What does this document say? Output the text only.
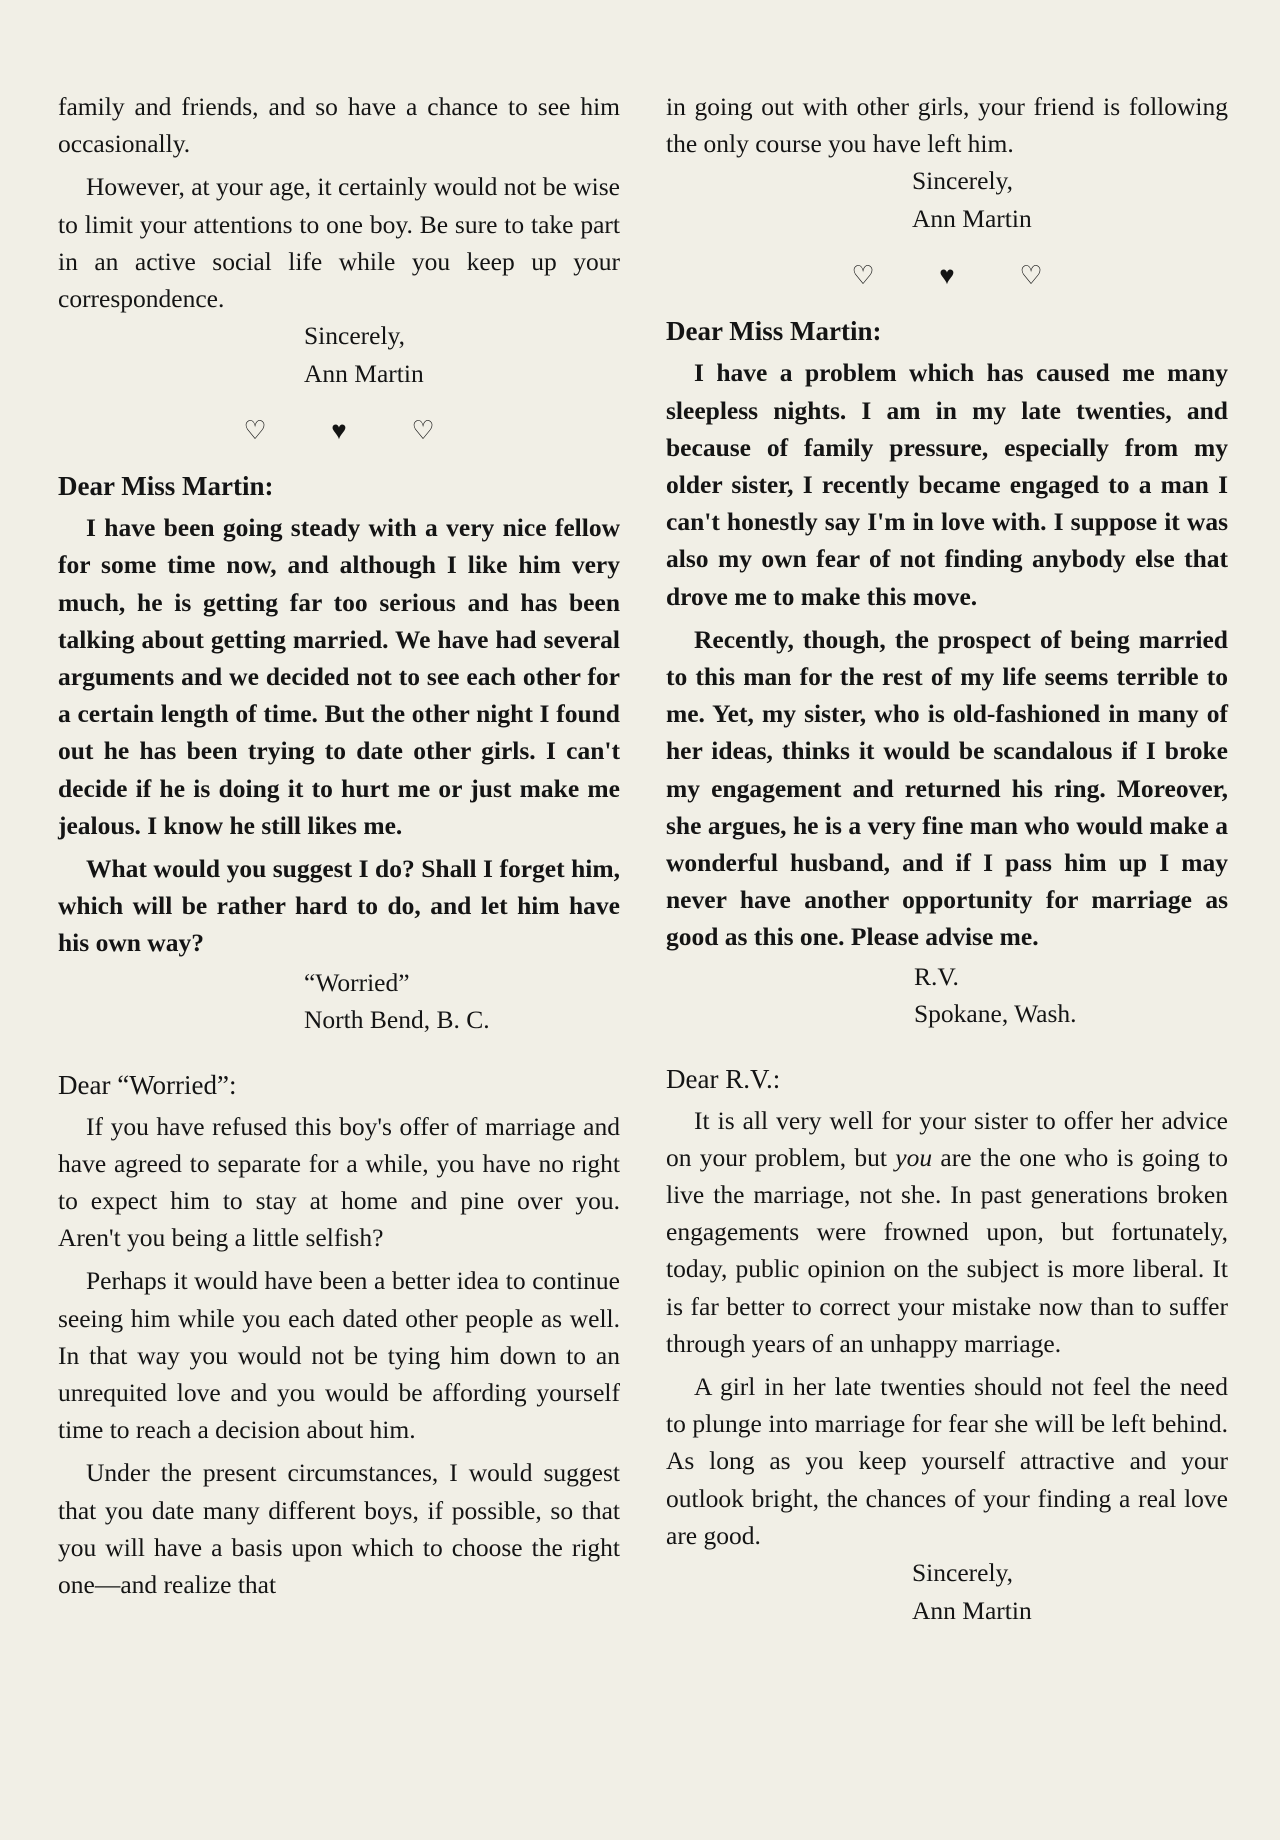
family and friends, and so have a chance to see him occasionally.

However, at your age, it certainly would not be wise to limit your attentions to one boy. Be sure to take part in an active social life while you keep up your correspondence.

Sincerely,
Ann Martin
♡ ♥ ♡
Dear Miss Martin:

I have been going steady with a very nice fellow for some time now, and although I like him very much, he is getting far too serious and has been talking about getting married. We have had several arguments and we decided not to see each other for a certain length of time. But the other night I found out he has been trying to date other girls. I can't decide if he is doing it to hurt me or just make me jealous. I know he still likes me.

What would you suggest I do? Shall I forget him, which will be rather hard to do, and let him have his own way?

“Worried”
North Bend, B. C.
Dear “Worried”:

If you have refused this boy's offer of marriage and have agreed to separate for a while, you have no right to expect him to stay at home and pine over you. Aren't you being a little selfish?

Perhaps it would have been a better idea to continue seeing him while you each dated other people as well. In that way you would not be tying him down to an unrequited love and you would be affording yourself time to reach a decision about him.

Under the present circumstances, I would suggest that you date many different boys, if possible, so that you will have a basis upon which to choose the right one—and realize that

in going out with other girls, your friend is following the only course you have left him.

Sincerely,
Ann Martin
♡ ♥ ♡
Dear Miss Martin:

I have a problem which has caused me many sleepless nights. I am in my late twenties, and because of family pressure, especially from my older sister, I recently became engaged to a man I can't honestly say I'm in love with. I suppose it was also my own fear of not finding anybody else that drove me to make this move.

Recently, though, the prospect of being married to this man for the rest of my life seems terrible to me. Yet, my sister, who is old-fashioned in many of her ideas, thinks it would be scandalous if I broke my engagement and returned his ring. Moreover, she argues, he is a very fine man who would make a wonderful husband, and if I pass him up I may never have another opportunity for marriage as good as this one. Please advise me.

R.V.
Spokane, Wash.
Dear R.V.:

It is all very well for your sister to offer her advice on your problem, but you are the one who is going to live the marriage, not she. In past generations broken engagements were frowned upon, but fortunately, today, public opinion on the subject is more liberal. It is far better to correct your mistake now than to suffer through years of an unhappy marriage.

A girl in her late twenties should not feel the need to plunge into marriage for fear she will be left behind. As long as you keep yourself attractive and your outlook bright, the chances of your finding a real love are good.

Sincerely,
Ann Martin
